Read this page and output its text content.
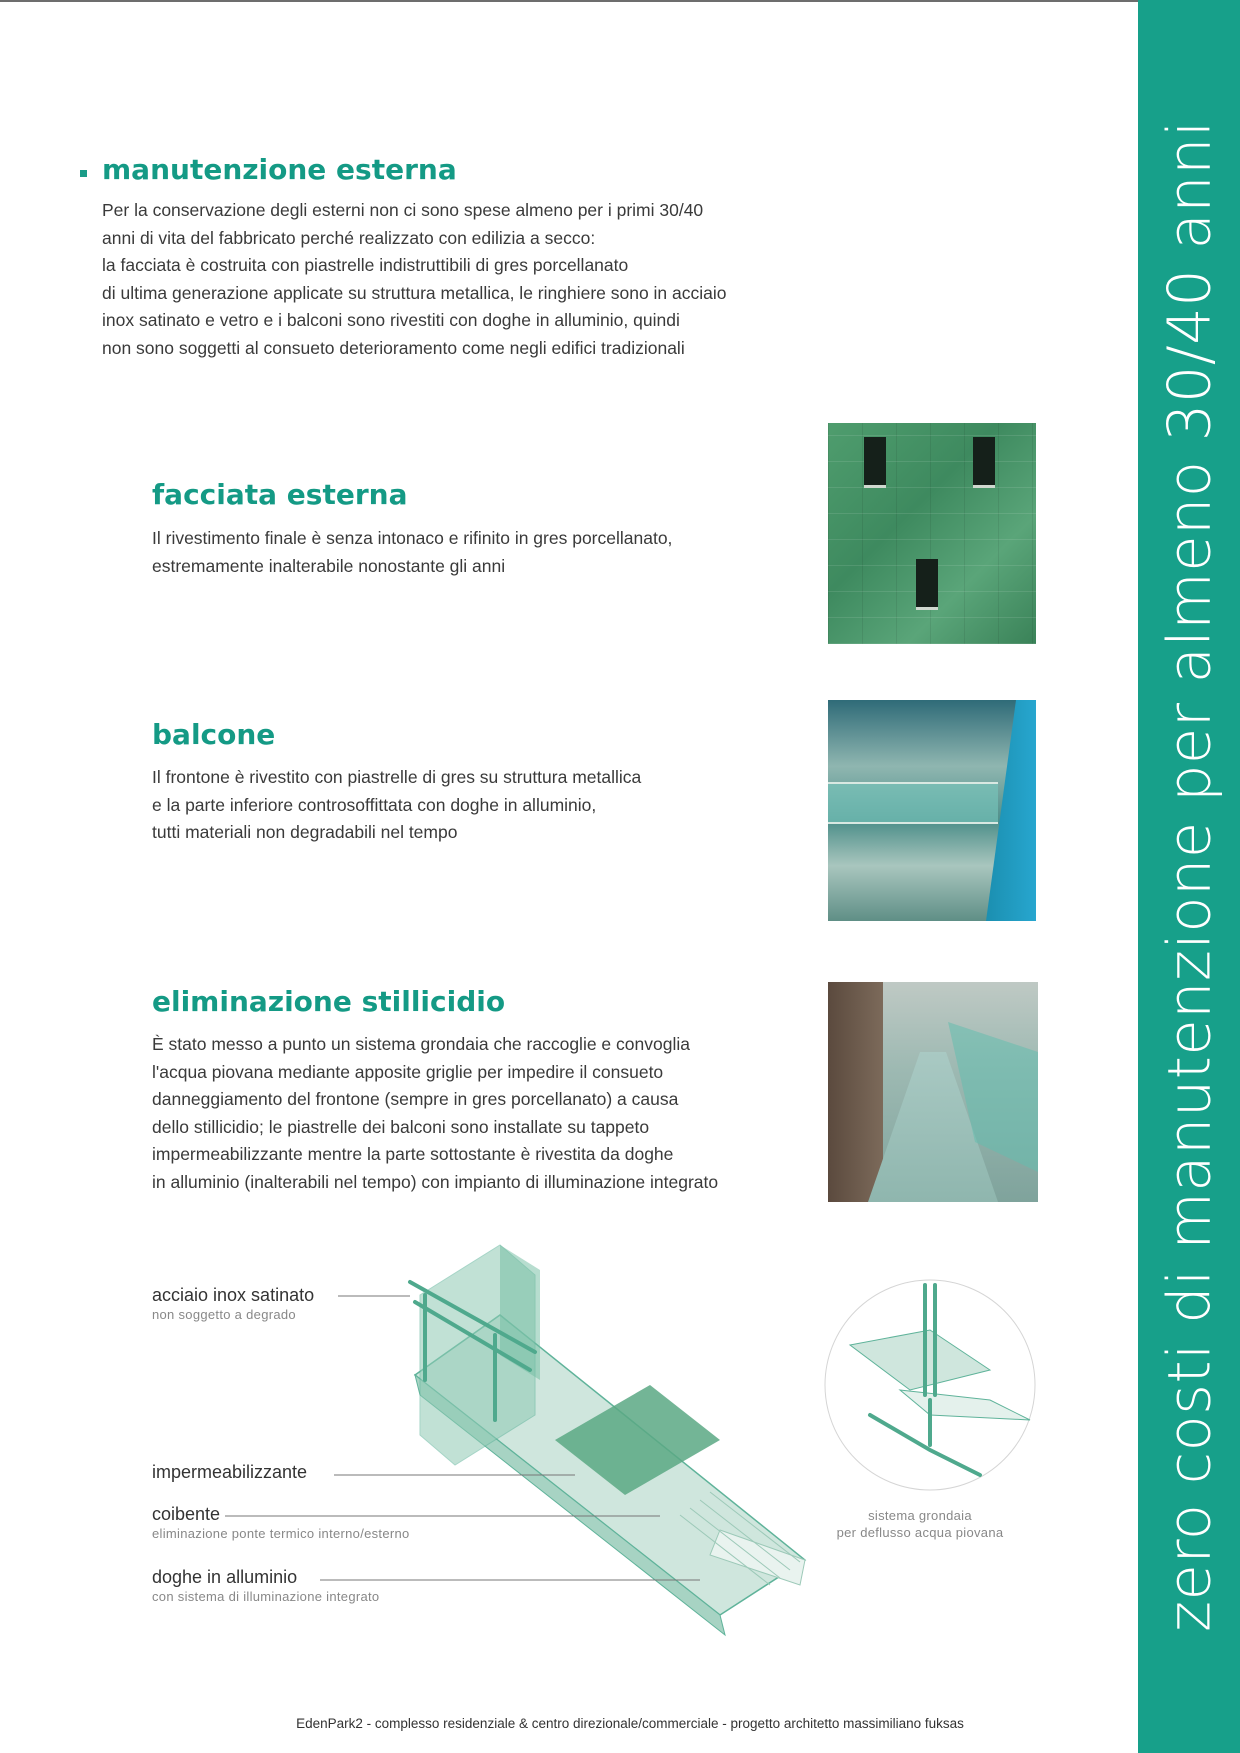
zero costi di manutenzione per almeno 30/40 anni
manutenzione esterna
Per la conservazione degli esterni non ci sono spese almeno per i primi 30/40
anni di vita del fabbricato perché realizzato con edilizia a secco:
la facciata è costruita con piastrelle indistruttibili di gres porcellanato
di ultima generazione applicate su struttura metallica, le ringhiere sono in acciaio
inox satinato e vetro e i balconi sono rivestiti con doghe in alluminio, quindi
non sono soggetti al consueto deterioramento come negli edifici tradizionali
facciata esterna
Il rivestimento finale è senza intonaco e rifinito in gres porcellanato,
estremamente inalterabile nonostante gli anni
balcone
Il frontone è rivestito con piastrelle di gres su struttura metallica
e la parte inferiore controsoffittata con doghe in alluminio,
tutti materiali non degradabili nel tempo
eliminazione stillicidio
È stato messo a punto un sistema grondaia che raccoglie e convoglia
l'acqua piovana mediante apposite griglie per impedire il consueto
danneggiamento del frontone (sempre in gres porcellanato) a causa
dello stillicidio; le piastrelle dei balconi sono installate su tappeto
impermeabilizzante mentre la parte sottostante è rivestita da doghe
in alluminio (inalterabili nel tempo) con impianto di illuminazione integrato
acciaio inox satinato
non soggetto a degrado
impermeabilizzante
coibente
eliminazione ponte termico interno/esterno
doghe in alluminio
con sistema di illuminazione integrato
sistema grondaia
per deflusso acqua piovana
EdenPark2 - complesso residenziale & centro direzionale/commerciale - progetto architetto massimiliano fuksas
